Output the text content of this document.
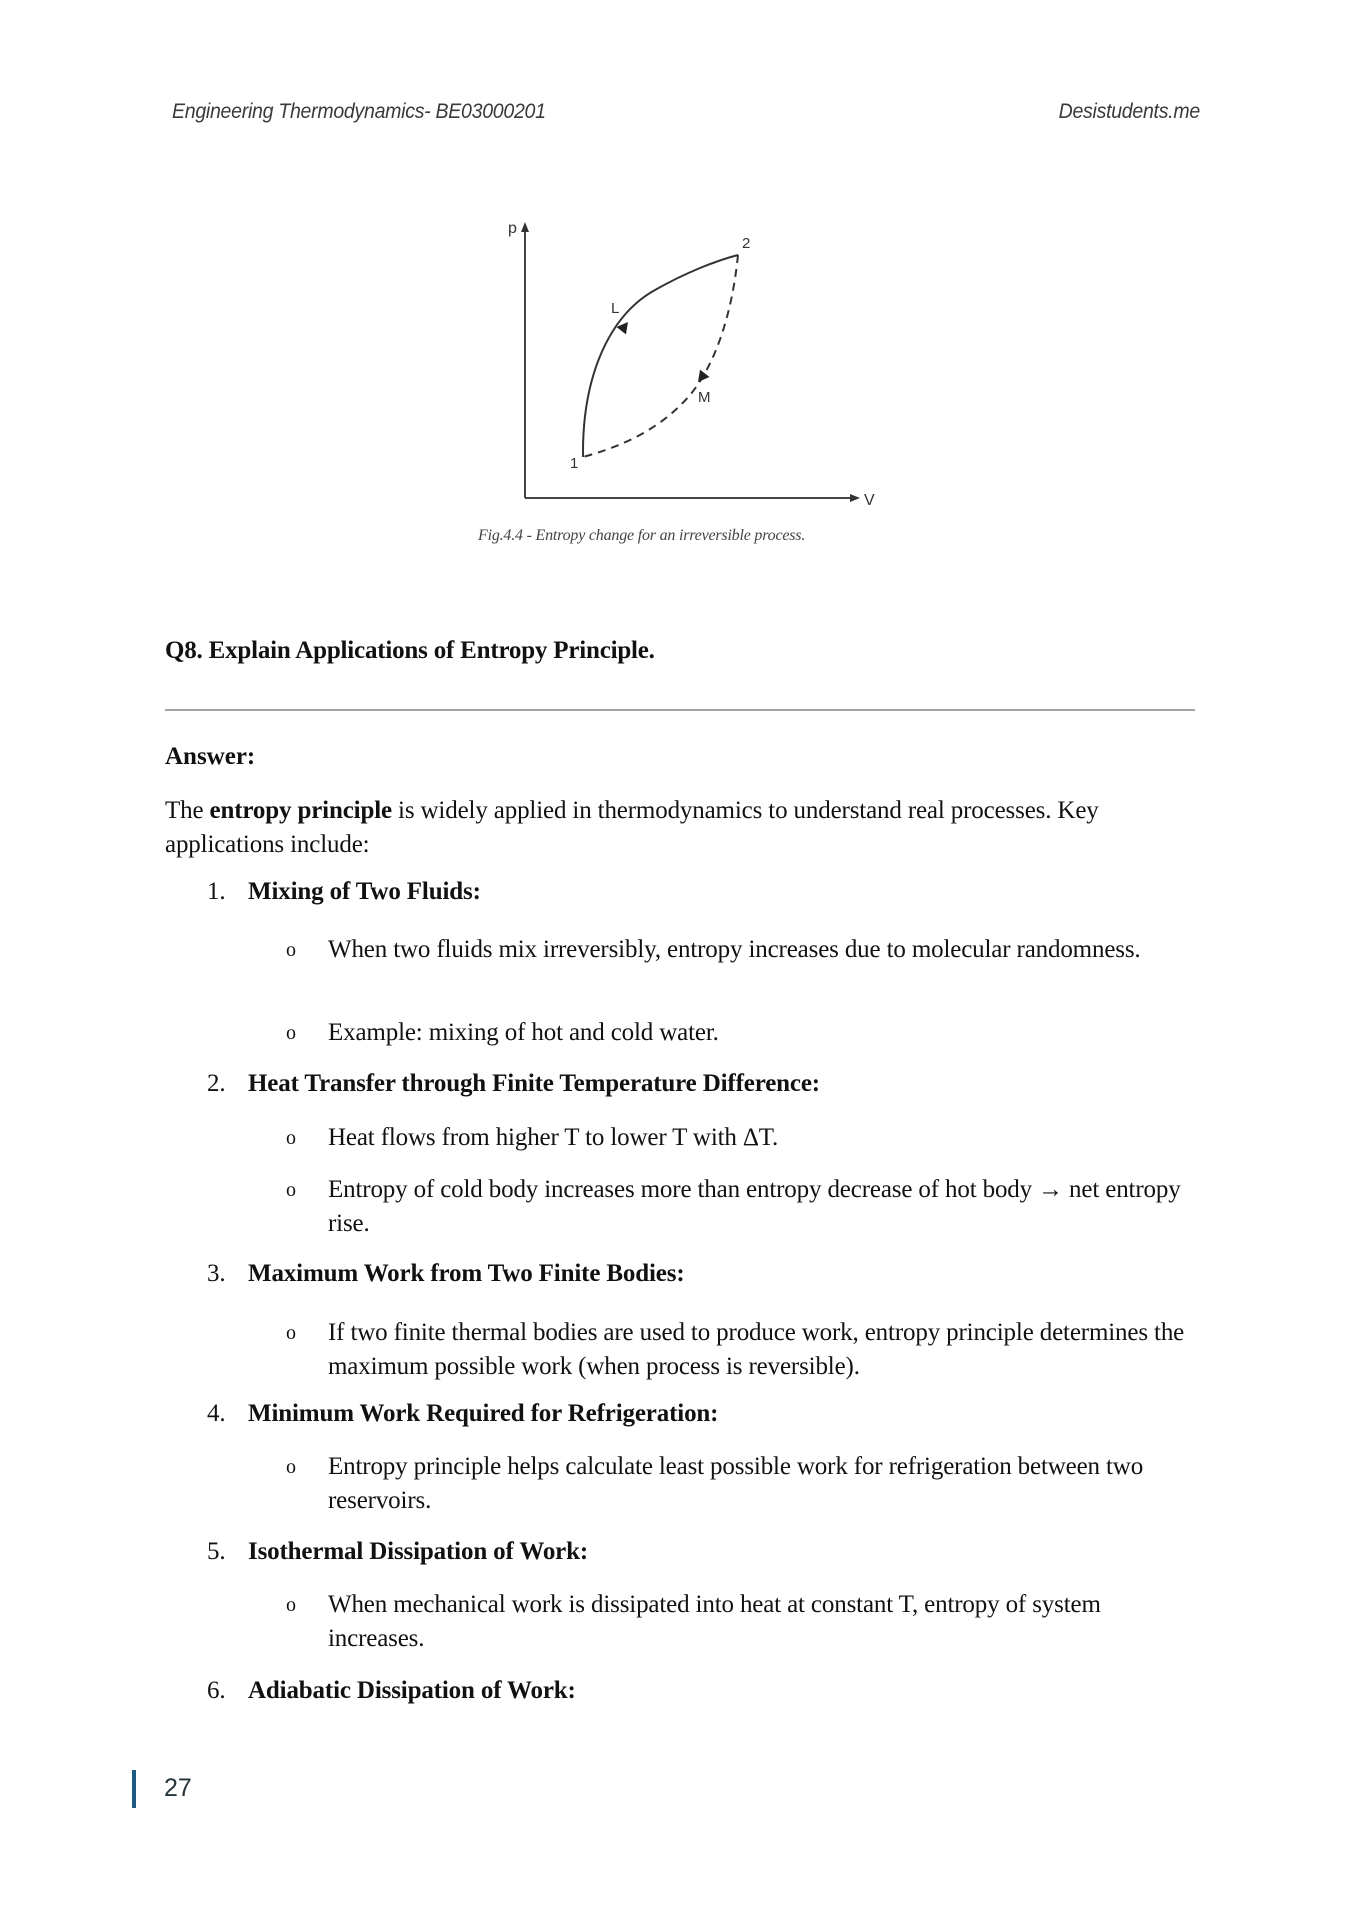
Engineering Thermodynamics- BE03000201	Desistudents.me
p
V
1
2
L
M
Fig.4.4 - Entropy change for an irreversible process.
Q8. Explain Applications of Entropy Principle.
Answer:
The entropy principle is widely applied in thermodynamics to understand real processes. Key applications include:
1. Mixing of Two Fluids:
o When two fluids mix irreversibly, entropy increases due to molecular randomness.
o Example: mixing of hot and cold water.
2. Heat Transfer through Finite Temperature Difference:
o Heat flows from higher T to lower T with ΔT.
o Entropy of cold body increases more than entropy decrease of hot body → net entropy rise.
3. Maximum Work from Two Finite Bodies:
o If two finite thermal bodies are used to produce work, entropy principle determines the maximum possible work (when process is reversible).
4. Minimum Work Required for Refrigeration:
o Entropy principle helps calculate least possible work for refrigeration between two reservoirs.
5. Isothermal Dissipation of Work:
o When mechanical work is dissipated into heat at constant T, entropy of system increases.
6. Adiabatic Dissipation of Work:
27
